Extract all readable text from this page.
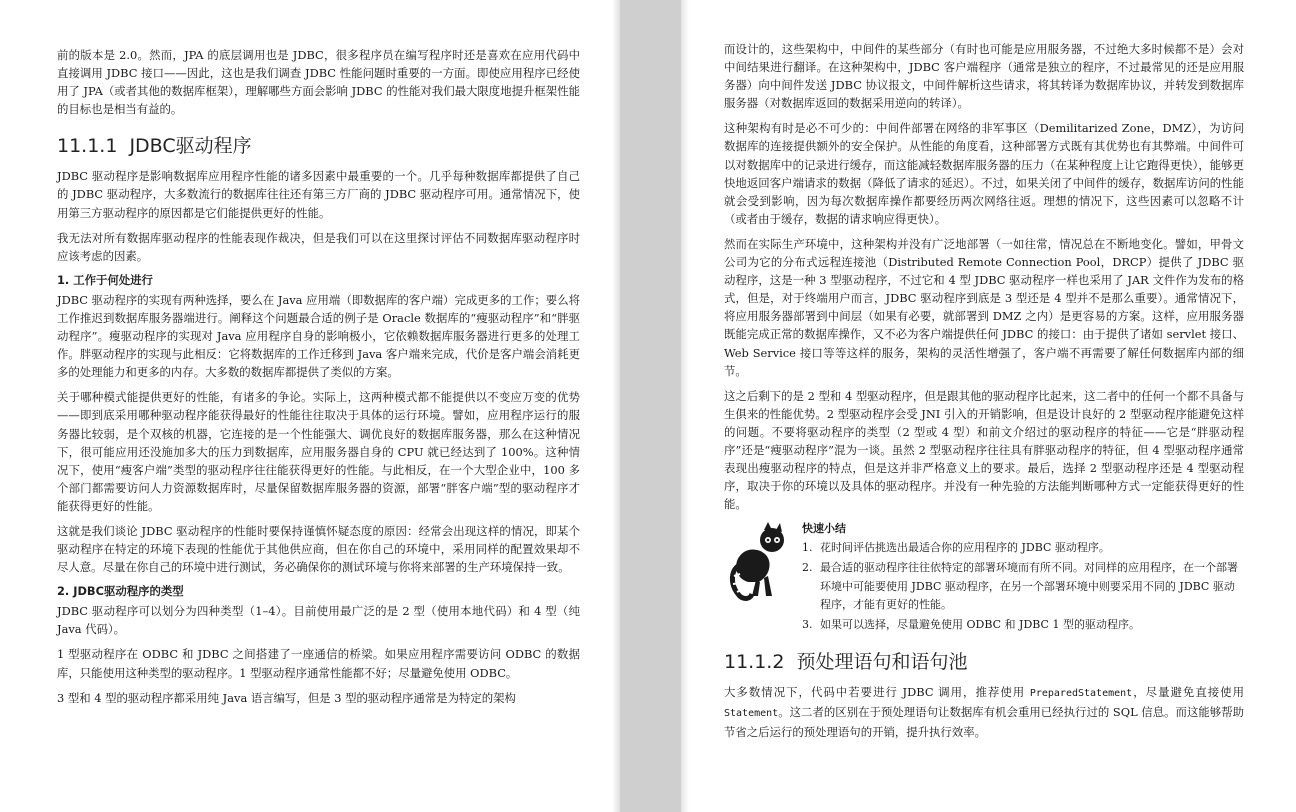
前的版本是 2.0。然而，JPA 的底层调用也是 JDBC，很多程序员在编写程序时还是喜欢在应用代码中直接调用 JDBC 接口——因此，这也是我们调查 JDBC 性能问题时重要的一方面。即使应用程序已经使用了 JPA（或者其他的数据库框架），理解哪些方面会影响 JDBC 的性能对我们最大限度地提升框架性能的目标也是相当有益的。

11.1.1 JDBC驱动程序

JDBC 驱动程序是影响数据库应用程序性能的诸多因素中最重要的一个。几乎每种数据库都提供了自己的 JDBC 驱动程序，大多数流行的数据库往往还有第三方厂商的 JDBC 驱动程序可用。通常情况下，使用第三方驱动程序的原因都是它们能提供更好的性能。

我无法对所有数据库驱动程序的性能表现作裁决，但是我们可以在这里探讨评估不同数据库驱动程序时应该考虑的因素。

1. 工作于何处进行

JDBC 驱动程序的实现有两种选择，要么在 Java 应用端（即数据库的客户端）完成更多的工作；要么将工作推迟到数据库服务器端进行。阐释这个问题最合适的例子是 Oracle 数据库的“瘦驱动程序”和“胖驱动程序”。瘦驱动程序的实现对 Java 应用程序自身的影响极小，它依赖数据库服务器进行更多的处理工作。胖驱动程序的实现与此相反：它将数据库的工作迁移到 Java 客户端来完成，代价是客户端会消耗更多的处理能力和更多的内存。大多数的数据库都提供了类似的方案。

关于哪种模式能提供更好的性能，有诸多的争论。实际上，这两种模式都不能提供以不变应万变的优势——即到底采用哪种驱动程序能获得最好的性能往往取决于具体的运行环境。譬如，应用程序运行的服务器比较弱，是个双核的机器，它连接的是一个性能强大、调优良好的数据库服务器，那么在这种情况下，很可能应用还没施加多大的压力到数据库，应用服务器自身的 CPU 就已经达到了 100%。这种情况下，使用“瘦客户端”类型的驱动程序往往能获得更好的性能。与此相反，在一个大型企业中，100 多个部门都需要访问人力资源数据库时，尽量保留数据库服务器的资源，部署“胖客户端”型的驱动程序才能获得更好的性能。

这就是我们谈论 JDBC 驱动程序的性能时要保持谨慎怀疑态度的原因：经常会出现这样的情况，即某个驱动程序在特定的环境下表现的性能优于其他供应商，但在你自己的环境中，采用同样的配置效果却不尽人意。尽量在你自己的环境中进行测试，务必确保你的测试环境与你将来部署的生产环境保持一致。

2. JDBC驱动程序的类型

JDBC 驱动程序可以划分为四种类型（1–4）。目前使用最广泛的是 2 型（使用本地代码）和 4 型（纯 Java 代码）。

1 型驱动程序在 ODBC 和 JDBC 之间搭建了一座通信的桥梁。如果应用程序需要访问 ODBC 的数据库，只能使用这种类型的驱动程序。1 型驱动程序通常性能都不好；尽量避免使用 ODBC。

3 型和 4 型的驱动程序都采用纯 Java 语言编写，但是 3 型的驱动程序通常是为特定的架构

而设计的，这些架构中，中间件的某些部分（有时也可能是应用服务器，不过绝大多时候都不是）会对中间结果进行翻译。在这种架构中，JDBC 客户端程序（通常是独立的程序，不过最常见的还是应用服务器）向中间件发送 JDBC 协议报文，中间件解析这些请求，将其转译为数据库协议，并转发到数据库服务器（对数据库返回的数据采用逆向的转译）。

这种架构有时是必不可少的：中间件部署在网络的非军事区（Demilitarized Zone，DMZ），为访问数据库的连接提供额外的安全保护。从性能的角度看，这种部署方式既有其优势也有其弊端。中间件可以对数据库中的记录进行缓存，而这能减轻数据库服务器的压力（在某种程度上让它跑得更快），能够更快地返回客户端请求的数据（降低了请求的延迟）。不过，如果关闭了中间件的缓存，数据库访问的性能就会受到影响，因为每次数据库操作都要经历两次网络往返。理想的情况下，这些因素可以忽略不计（或者由于缓存，数据的请求响应得更快）。

然而在实际生产环境中，这种架构并没有广泛地部署（一如往常，情况总在不断地变化。譬如，甲骨文公司为它的分布式远程连接池（Distributed Remote Connection Pool，DRCP）提供了 JDBC 驱动程序，这是一种 3 型驱动程序，不过它和 4 型 JDBC 驱动程序一样也采用了 JAR 文件作为发布的格式，但是，对于终端用户而言，JDBC 驱动程序到底是 3 型还是 4 型并不是那么重要）。通常情况下，将应用服务器部署到中间层（如果有必要，就部署到 DMZ 之内）是更容易的方案。这样，应用服务器既能完成正常的数据库操作，又不必为客户端提供任何 JDBC 的接口：由于提供了诸如 servlet 接口、Web Service 接口等等这样的服务，架构的灵活性增强了，客户端不再需要了解任何数据库内部的细节。

这之后剩下的是 2 型和 4 型驱动程序，但是跟其他的驱动程序比起来，这二者中的任何一个都不具备与生俱来的性能优势。2 型驱动程序会受 JNI 引入的开销影响，但是设计良好的 2 型驱动程序能避免这样的问题。不要将驱动程序的类型（2 型或 4 型）和前文介绍过的驱动程序的特征——它是“胖驱动程序”还是“瘦驱动程序”混为一谈。虽然 2 型驱动程序往往具有胖驱动程序的特征，但 4 型驱动程序通常表现出瘦驱动程序的特点，但是这并非严格意义上的要求。最后，选择 2 型驱动程序还是 4 型驱动程序，取决于你的环境以及具体的驱动程序。并没有一种先验的方法能判断哪种方式一定能获得更好的性能。

快速小结
1. 花时间评估挑选出最适合你的应用程序的 JDBC 驱动程序。
2. 最合适的驱动程序往往依特定的部署环境而有所不同。对同样的应用程序，在一个部署环境中可能要使用 JDBC 驱动程序，在另一个部署环境中则要采用不同的 JDBC 驱动程序，才能有更好的性能。
3. 如果可以选择，尽量避免使用 ODBC 和 JDBC 1 型的驱动程序。
11.1.2 预处理语句和语句池

大多数情况下，代码中若要进行 JDBC 调用，推荐使用 PreparedStatement，尽量避免直接使用 Statement。这二者的区别在于预处理语句让数据库有机会重用已经执行过的 SQL 信息。而这能够帮助节省之后运行的预处理语句的开销，提升执行效率。
